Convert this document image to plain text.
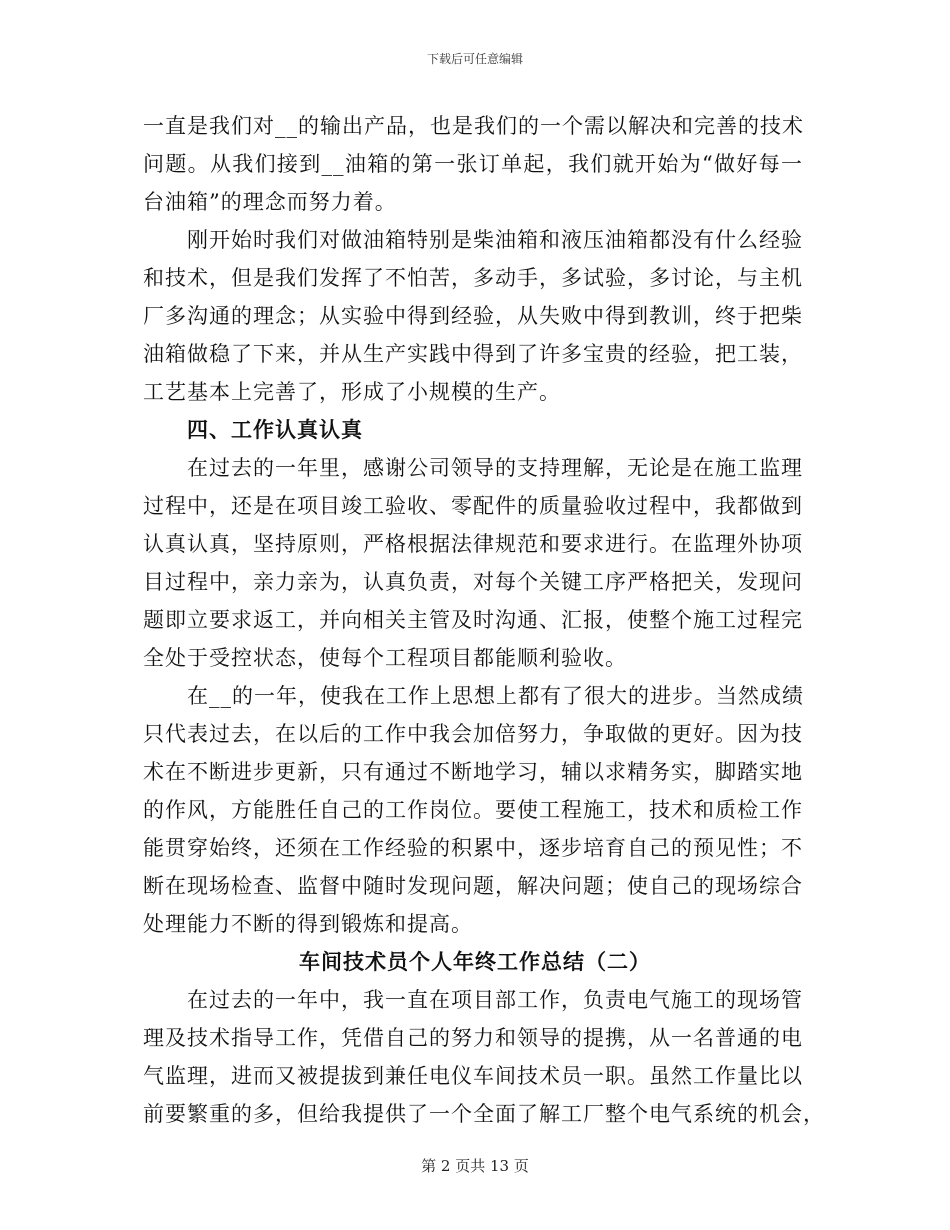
下载后可任意编辑
一直是我们对__的输出产品，也是我们的一个需以解决和完善的技术
问题。从我们接到__油箱的第一张订单起，我们就开始为“做好每一
台油箱”的理念而努力着。
刚开始时我们对做油箱特别是柴油箱和液压油箱都没有什么经验
和技术，但是我们发挥了不怕苦，多动手，多试验，多讨论，与主机
厂多沟通的理念；从实验中得到经验，从失败中得到教训，终于把柴
油箱做稳了下来，并从生产实践中得到了许多宝贵的经验，把工装，
工艺基本上完善了，形成了小规模的生产。
四、工作认真认真
在过去的一年里，感谢公司领导的支持理解，无论是在施工监理
过程中，还是在项目竣工验收、零配件的质量验收过程中，我都做到
认真认真，坚持原则，严格根据法律规范和要求进行。在监理外协项
目过程中，亲力亲为，认真负责，对每个关键工序严格把关，发现问
题即立要求返工，并向相关主管及时沟通、汇报，使整个施工过程完
全处于受控状态，使每个工程项目都能顺利验收。
在__的一年，使我在工作上思想上都有了很大的进步。当然成绩
只代表过去，在以后的工作中我会加倍努力，争取做的更好。因为技
术在不断进步更新，只有通过不断地学习，辅以求精务实，脚踏实地
的作风，方能胜任自己的工作岗位。要使工程施工，技术和质检工作
能贯穿始终，还须在工作经验的积累中，逐步培育自己的预见性；不
断在现场检查、监督中随时发现问题，解决问题；使自己的现场综合
处理能力不断的得到锻炼和提高。
车间技术员个人年终工作总结（二）
在过去的一年中，我一直在项目部工作，负责电气施工的现场管
理及技术指导工作，凭借自己的努力和领导的提携，从一名普通的电
气监理，进而又被提拔到兼任电仪车间技术员一职。虽然工作量比以
前要繁重的多，但给我提供了一个全面了解工厂整个电气系统的机会，
第 2 页共 13 页
